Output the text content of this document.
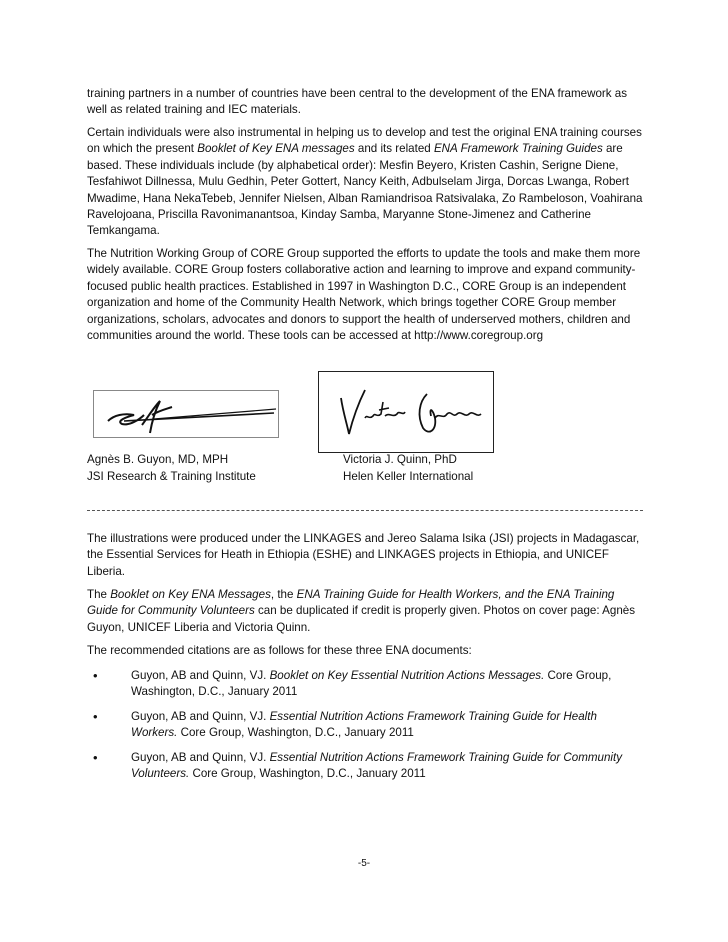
training partners in a number of countries have been central to the development of the ENA framework as well as related training and IEC materials.

Certain individuals were also instrumental in helping us to develop and test the original ENA training courses on which the present Booklet of Key ENA messages and its related ENA Framework Training Guides are based. These individuals include (by alphabetical order): Mesfin Beyero, Kristen Cashin, Serigne Diene, Tesfahiwot Dillnessa, Mulu Gedhin, Peter Gottert, Nancy Keith, Adbulselam Jirga, Dorcas Lwanga, Robert Mwadime, Hana NekaTebeb, Jennifer Nielsen, Alban Ramiandrisoa Ratsivalaka, Zo Rambeloson, Voahirana Ravelojoana, Priscilla Ravonimanantsoa, Kinday Samba, Maryanne Stone-Jimenez and Catherine Temkangama.

The Nutrition Working Group of CORE Group supported the efforts to update the tools and make them more widely available. CORE Group fosters collaborative action and learning to improve and expand community-focused public health practices. Established in 1997 in Washington D.C., CORE Group is an independent organization and home of the Community Health Network, which brings together CORE Group member organizations, scholars, advocates and donors to support the health of underserved mothers, children and communities around the world. These tools can be accessed at http://www.coregroup.org

Agnès B. Guyon, MD, MPH
JSI Research & Training Institute
Victoria J. Quinn, PhD
Helen Keller International

The illustrations were produced under the LINKAGES and Jereo Salama Isika (JSI) projects in Madagascar, the Essential Services for Heath in Ethiopia (ESHE) and LINKAGES projects in Ethiopia, and UNICEF Liberia.

The Booklet on Key ENA Messages, the ENA Training Guide for Health Workers, and the ENA Training Guide for Community Volunteers can be duplicated if credit is properly given. Photos on cover page: Agnès Guyon, UNICEF Liberia and Victoria Quinn.

The recommended citations are as follows for these three ENA documents:

•	Guyon, AB and Quinn, VJ. Booklet on Key Essential Nutrition Actions Messages. Core Group, Washington, D.C., January 2011
•	Guyon, AB and Quinn, VJ. Essential Nutrition Actions Framework Training Guide for Health Workers. Core Group, Washington, D.C., January 2011
•	Guyon, AB and Quinn, VJ. Essential Nutrition Actions Framework Training Guide for Community Volunteers. Core Group, Washington, D.C., January 2011
-5-
